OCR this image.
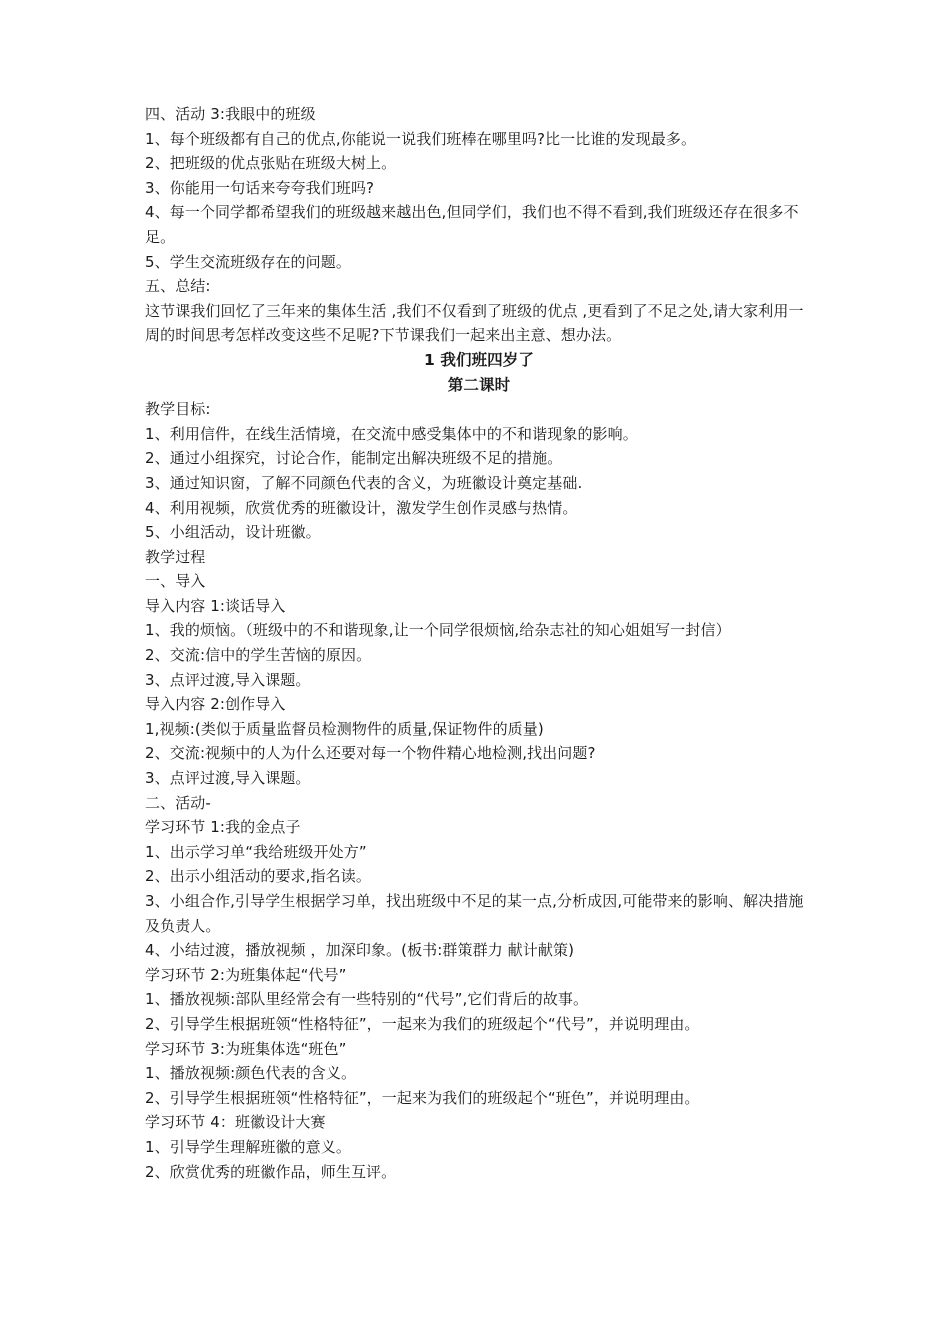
四、活动 3:我眼中的班级
1、每个班级都有自己的优点,你能说一说我们班棒在哪里吗?比一比谁的发现最多。
2、把班级的优点张贴在班级大树上。
3、你能用一句话来夸夸我们班吗?
4、每一个同学都希望我们的班级越来越出色,但同学们，我们也不得不看到,我们班级还存在很多不足。
5、学生交流班级存在的问题。
五、总结:
这节课我们回忆了三年来的集体生活 ,我们不仅看到了班级的优点 ,更看到了不足之处,请大家利用一周的时间思考怎样改变这些不足呢?下节课我们一起来出主意、想办法。
1 我们班四岁了
第二课时
教学目标:
1、利用信件，在线生活情境，在交流中感受集体中的不和谐现象的影响。
2、通过小组探究，讨论合作，能制定出解决班级不足的措施。
3、通过知识窗，了解不同颜色代表的含义，为班徽设计奠定基础.
4、利用视频，欣赏优秀的班徽设计，激发学生创作灵感与热情。
5、小组活动，设计班徽。
教学过程
一、导入
导入内容 1:谈话导入
1、我的烦恼。（班级中的不和谐现象,让一个同学很烦恼,给杂志社的知心姐姐写一封信）
2、交流:信中的学生苦恼的原因。
3、点评过渡,导入课题。
导入内容 2:创作导入
1,视频:(类似于质量监督员检测物件的质量,保证物件的质量)
2、交流:视频中的人为什么还要对每一个物件精心地检测,找出问题?
3、点评过渡,导入课题。
二、活动-
学习环节 1:我的金点子
1、出示学习单“我给班级开处方”
2、出示小组活动的要求,指名读。
3、小组合作,引导学生根据学习单，找出班级中不足的某一点,分析成因,可能带来的影响、解决措施及负责人。
4、小结过渡，播放视频 ，加深印象。(板书:群策群力 献计献策)
学习环节 2:为班集体起“代号”
1、播放视频:部队里经常会有一些特别的“代号”,它们背后的故事。
2、引导学生根据班领“性格特征”，一起来为我们的班级起个“代号”，并说明理由。
学习环节 3:为班集体选“班色”
1、播放视频:颜色代表的含义。
2、引导学生根据班领“性格特征”，一起来为我们的班级起个“班色”，并说明理由。
学习环节 4：班徽设计大赛
1、引导学生理解班徽的意义。
2、欣赏优秀的班徽作品，师生互评。
